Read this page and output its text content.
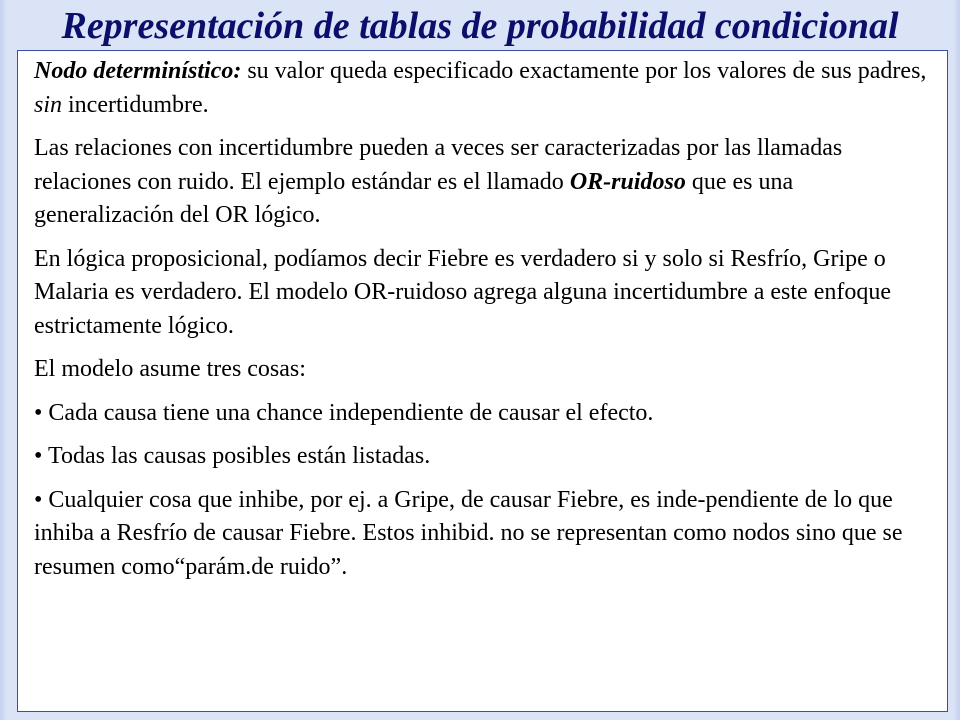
Representación de tablas de probabilidad condicional

Nodo determinístico: su valor queda especificado exactamente por los valores de sus padres, sin incertidumbre.

Las relaciones con incertidumbre pueden a veces ser caracterizadas por las llamadas relaciones con ruido. El ejemplo estándar es el llamado OR-ruidoso que es una generalización del OR lógico.

En lógica proposicional, podíamos decir Fiebre es verdadero si y solo si Resfrío, Gripe o Malaria es verdadero. El modelo OR-ruidoso agrega alguna incertidumbre a este enfoque estrictamente lógico.

El modelo asume tres cosas:

• Cada causa tiene una chance independiente de causar el efecto.

• Todas las causas posibles están listadas.

• Cualquier cosa que inhibe, por ej. a Gripe, de causar Fiebre, es inde-pendiente de lo que inhiba a Resfrío de causar Fiebre. Estos inhibid. no se representan como nodos sino que se resumen como“parám.de ruido”.
